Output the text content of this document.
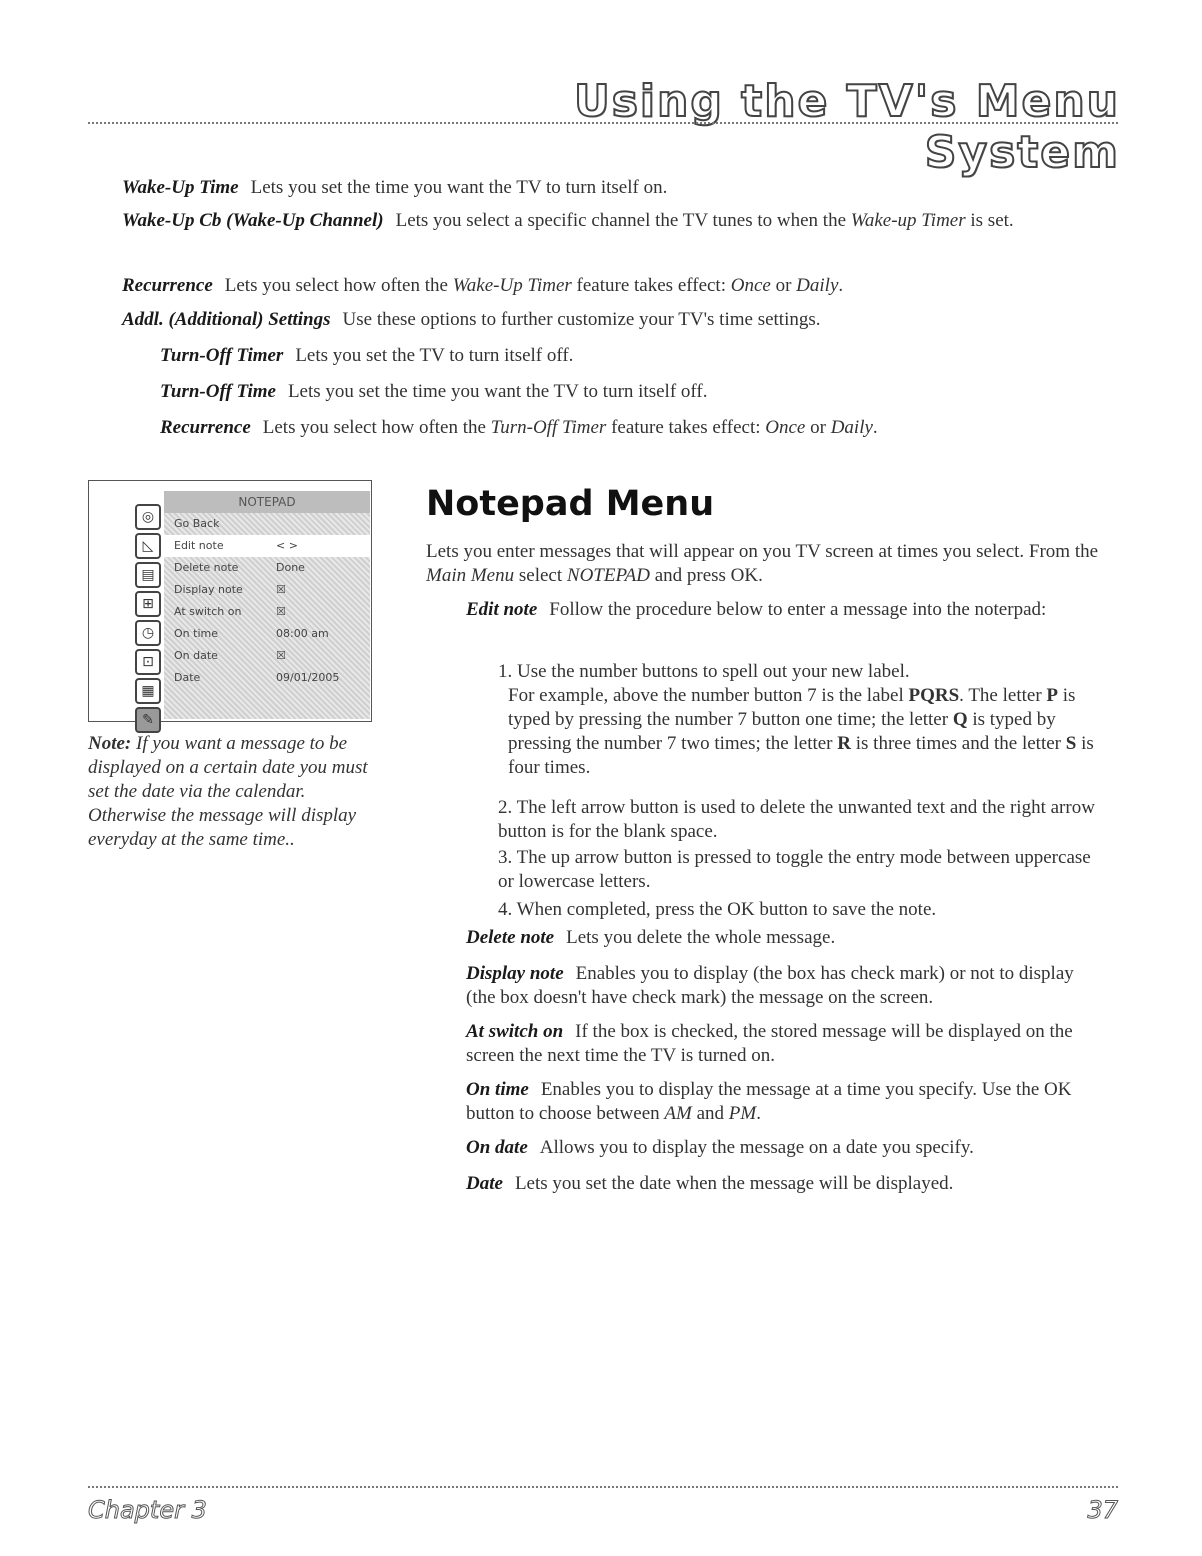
Using the TV's Menu System
Wake-Up Time Lets you set the time you want the TV to turn itself on.
Wake-Up Cb (Wake-Up Channel) Lets you select a specific channel the TV tunes to when the Wake-up Timer is set.
Recurrence Lets you select how often the Wake-Up Timer feature takes effect: Once or Daily.
Addl. (Additional) Settings Use these options to further customize your TV's time settings.
Turn-Off Timer Lets you set the TV to turn itself off.
Turn-Off Time Lets you set the time you want the TV to turn itself off.
Recurrence Lets you select how often the Turn-Off Timer feature takes effect: Once or Daily.
◎
◺
▤
⊞
◷
⊡
▦
✎
NOTEPAD
Go Back
Edit note	< >
Delete note	Done
Display note	☒
At switch on	☒
On time	08:00 am
On date	☒
Date	09/01/2005
Note: If you want a message to be displayed on a certain date you must set the date via the calendar. Otherwise the message will display everyday at the same time..
Notepad Menu
Lets you enter messages that will appear on you TV screen at times you select. From the Main Menu select NOTEPAD and press OK.
Edit note Follow the procedure below to enter a message into the noterpad:
1. Use the number buttons to spell out your new label.
For example, above the number button 7 is the label PQRS. The letter P is typed by pressing the number 7 button one time; the letter Q is typed by pressing the number 7 two times; the letter R is three times and the letter S is four times.
2. The left arrow button is used to delete the unwanted text and the right arrow button is for the blank space.
3. The up arrow button is pressed to toggle the entry mode between uppercase or lowercase letters.
4. When completed, press the OK button to save the note.
Delete note Lets you delete the whole message.
Display note Enables you to display (the box has check mark) or not to display (the box doesn't have check mark) the message on the screen.
At switch on If the box is checked, the stored message will be displayed on the screen the next time the TV is turned on.
On time Enables you to display the message at a time you specify. Use the OK button to choose between AM and PM.
On date Allows you to display the message on a date you specify.
Date Lets you set the date when the message will be displayed.
Chapter 3	37
